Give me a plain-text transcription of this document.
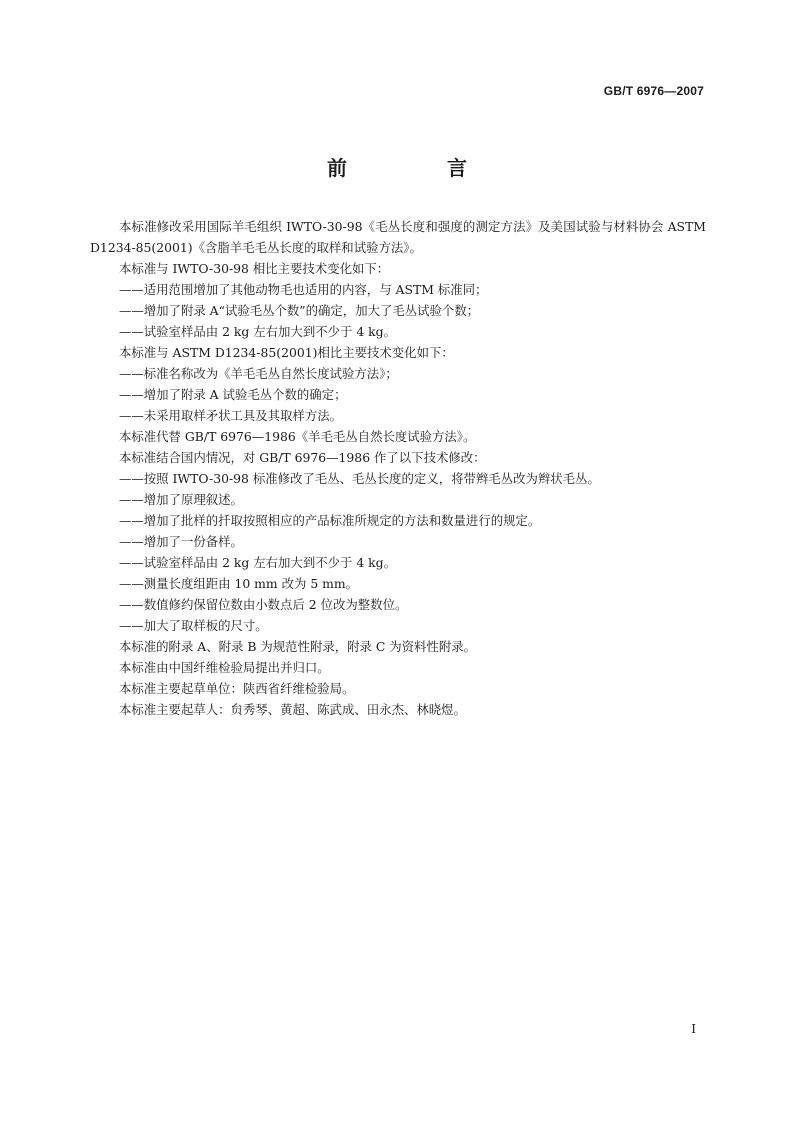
GB/T 6976—2007
前　言

本标准修改采用国际羊毛组织 IWTO-30-98《毛丛长度和强度的测定方法》及美国试验与材料协会 ASTM D1234-85(2001)《含脂羊毛毛丛长度的取样和试验方法》。

本标准与 IWTO-30-98 相比主要技术变化如下：

——适用范围增加了其他动物毛也适用的内容，与 ASTM 标准同；

——增加了附录 A“试验毛丛个数”的确定，加大了毛丛试验个数；

——试验室样品由 2 kg 左右加大到不少于 4 kg。

本标准与 ASTM D1234-85(2001)相比主要技术变化如下：

——标准名称改为《羊毛毛丛自然长度试验方法》；

——增加了附录 A 试验毛丛个数的确定；

——未采用取样矛状工具及其取样方法。

本标准代替 GB/T 6976—1986《羊毛毛丛自然长度试验方法》。

本标准结合国内情况，对 GB/T 6976—1986 作了以下技术修改：

——按照 IWTO-30-98 标准修改了毛丛、毛丛长度的定义，将带辫毛丛改为辫状毛丛。

——增加了原理叙述。

——增加了批样的扦取按照相应的产品标准所规定的方法和数量进行的规定。

——增加了一份备样。

——试验室样品由 2 kg 左右加大到不少于 4 kg。

——测量长度组距由 10 mm 改为 5 mm。

——数值修约保留位数由小数点后 2 位改为整数位。

——加大了取样板的尺寸。

本标准的附录 A、附录 B 为规范性附录，附录 C 为资料性附录。

本标准由中国纤维检验局提出并归口。

本标准主要起草单位：陕西省纤维检验局。

本标准主要起草人：贠秀琴、黄超、陈武成、田永杰、林晓煜。

I
